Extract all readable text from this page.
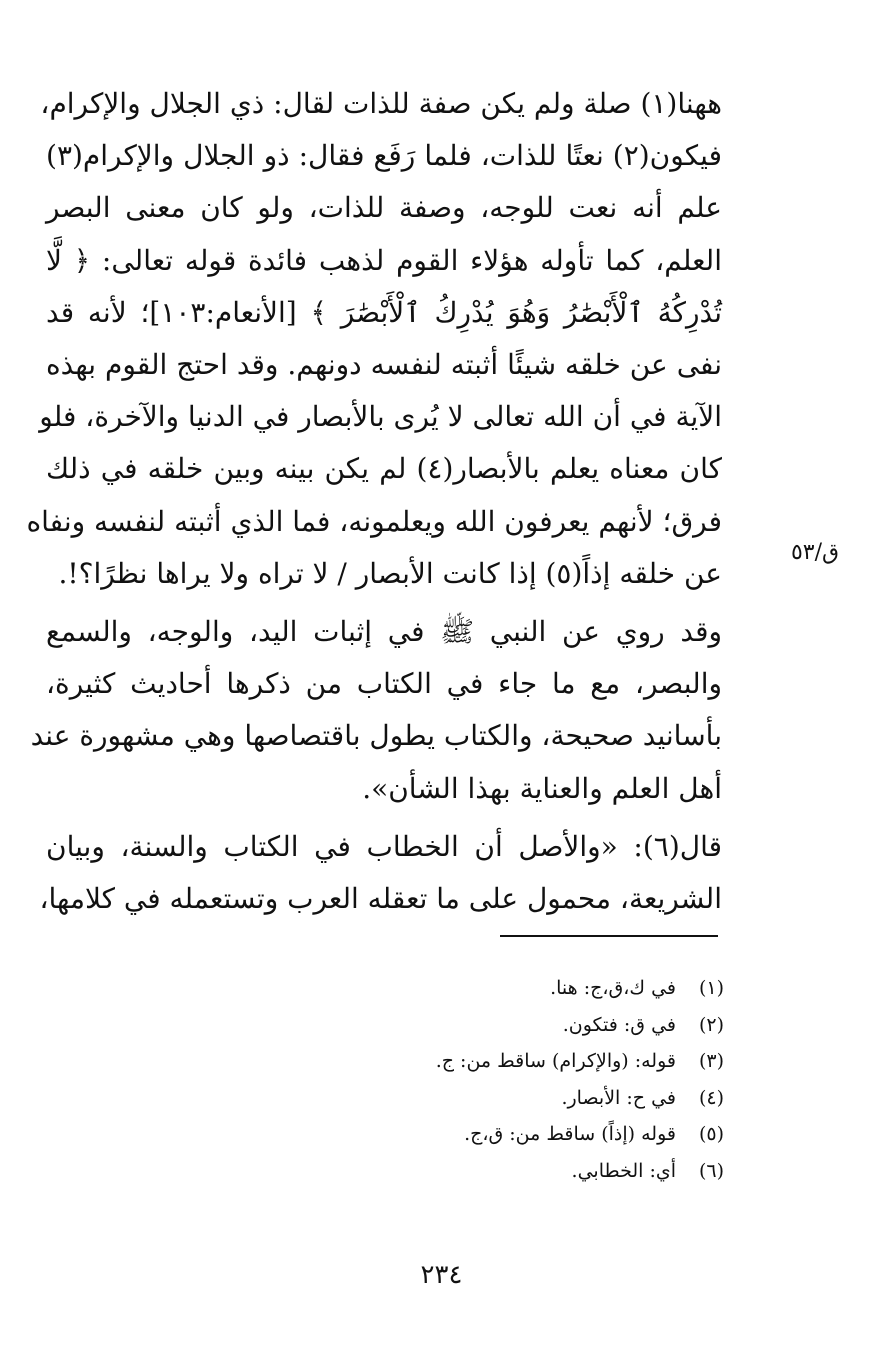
ههنا(١) صلة ولم يكن صفة للذات لقال: ذي الجلال والإكرام،
فيكون(٢) نعتًا للذات، فلما رَفَع فقال: ذو الجلال والإكرام(٣)
علم أنه نعت للوجه، وصفة للذات، ولو كان معنى البصر
العلم، كما تأوله هؤلاء القوم لذهب فائدة قوله تعالى: ﴿ لَّا
تُدْرِكُهُ ٱلْأَبْصَٰرُ وَهُوَ يُدْرِكُ ٱلْأَبْصَٰرَ ﴾ [الأنعام:١٠٣]؛ لأنه قد
نفى عن خلقه شيئًا أثبته لنفسه دونهم. وقد احتج القوم بهذه
الآية في أن الله تعالى لا يُرى بالأبصار في الدنيا والآخرة، فلو
كان معناه يعلم بالأبصار(٤) لم يكن بينه وبين خلقه في ذلك
فرق؛ لأنهم يعرفون الله ويعلمونه، فما الذي أثبته لنفسه ونفاه
عن خلقه إذاً(٥) إذا كانت الأبصار / لا تراه ولا يراها نظرًا؟!.

وقد روي عن النبي ﷺ في إثبات اليد، والوجه، والسمع
والبصر، مع ما جاء في الكتاب من ذكرها أحاديث كثيرة،
بأسانيد صحيحة، والكتاب يطول باقتصاصها وهي مشهورة عند
أهل العلم والعناية بهذا الشأن».

قال(٦): «والأصل أن الخطاب في الكتاب والسنة، وبيان
الشريعة، محمول على ما تعقله العرب وتستعمله في كلامها،

ق/٥٣
(١)
في ك،ق،ج: هنا.
(٢)
في ق: فتكون.
(٣)
قوله: (والإكرام) ساقط من: ج.
(٤)
في ح: الأبصار.
(٥)
قوله (إذاً) ساقط من: ق،ج.
(٦)
أي: الخطابي.
٢٣٤
